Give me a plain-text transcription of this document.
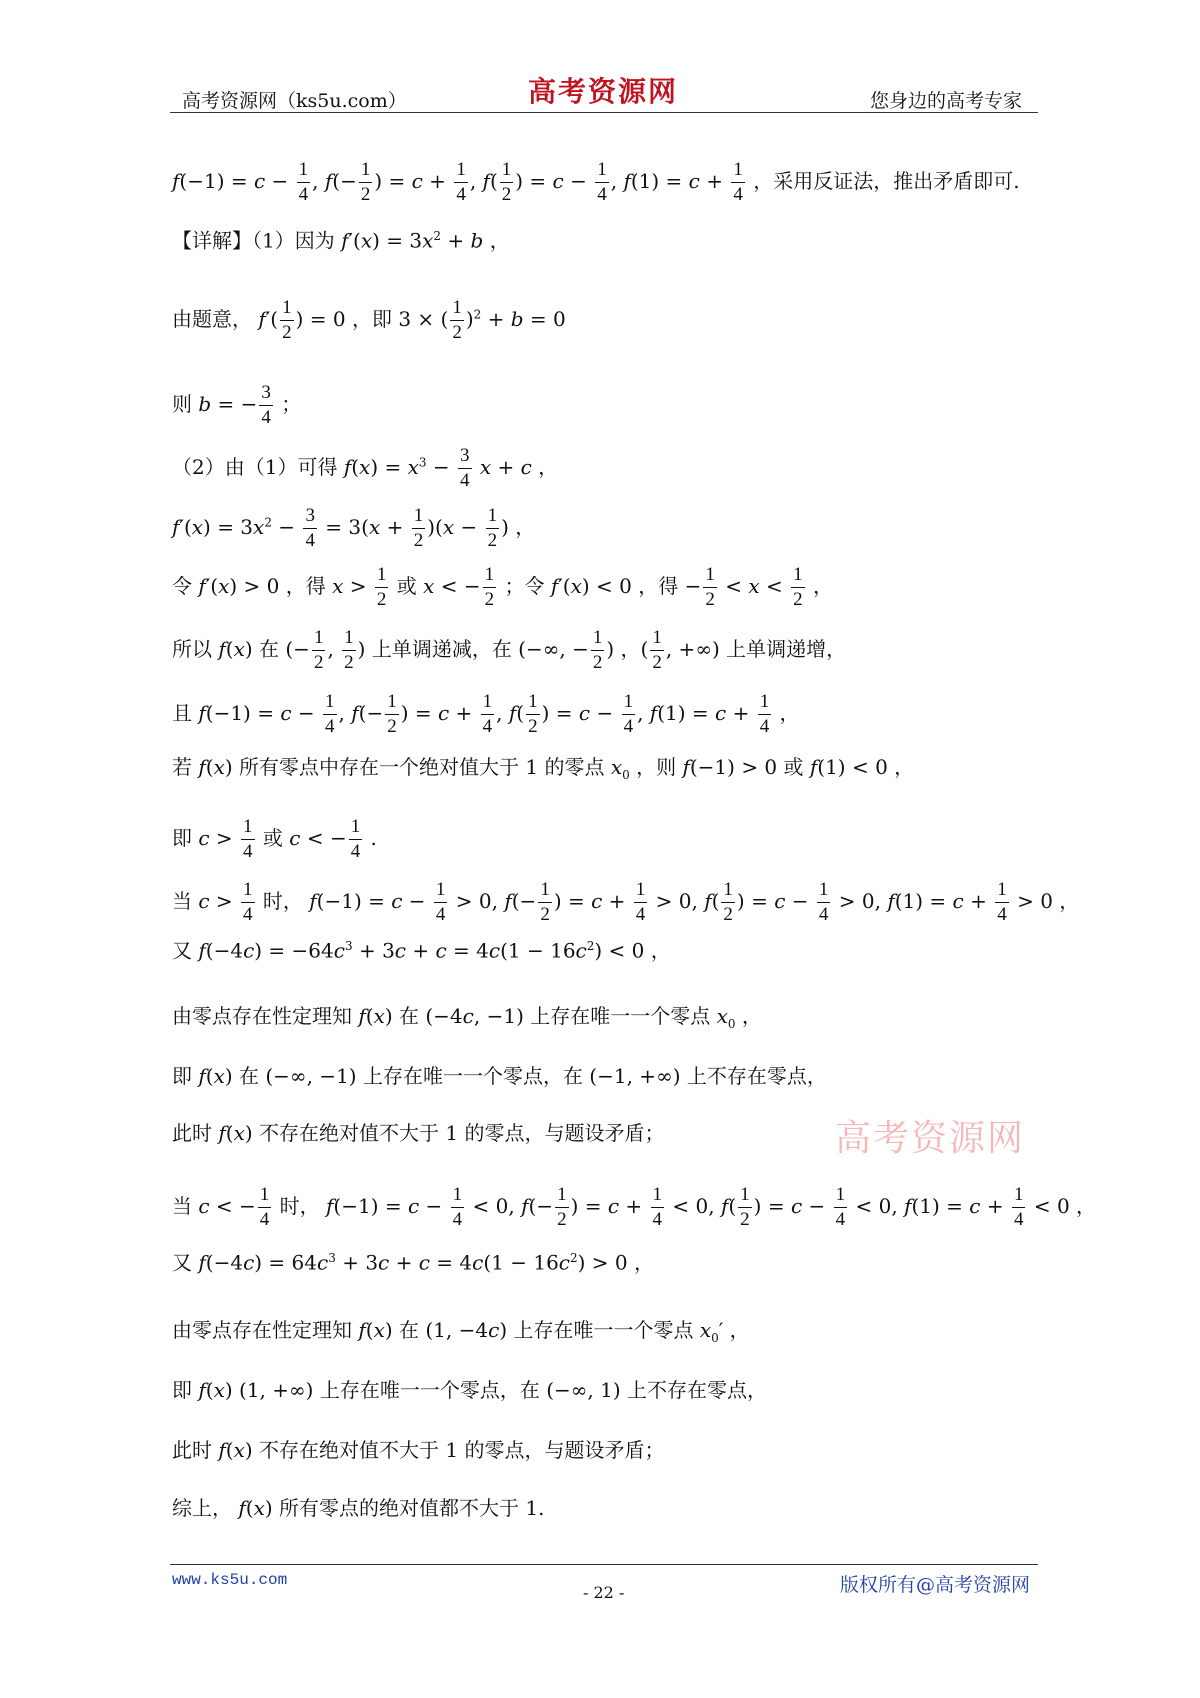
高考资源网（ks5u.com）	高考资源网	您身边的高考专家
$f(-1) = c - \frac{1}{4}$ , $f(- \frac{1}{2}$ ) = $c + \frac{1}{4}$ , $f( \frac{1}{2}$ ) = $c - \frac{1}{4}$ , $f(1) = c + \frac{1}{4}$ ，采用反证法，推出矛盾即可.
【详解】（1）因为 $f'(x) = 3x^2 + b$ ，
由题意， $f'( \frac{1}{2}$ ) = 0 ，即 3 × ( $\frac{1}{2} )^2 + b = 0$
则 b = − $\frac{3}{4}$ ；
（2）由（1）可得 $f(x) = x^3 - \frac{3}{4}$ x + c ，
$f'(x) = 3x^2 - \frac{3}{4} = 3(x + \frac{1}{2} )(x - \frac{1}{2}$ ) ，
令 f′(x) > 0 ，得 $x > \frac{1}{2}$ 或 x < − $\frac{1}{2}$ ；令 f′(x) < 0 ，得 − $\frac{1}{2} < x < \frac{1}{2}$ ，
所以 f(x) 在 (− $\frac{1}{2}$ , $\frac{1}{2}$ ) 上单调递减，在 (−∞, − $\frac{1}{2}$ ) ，( $\frac{1}{2}$ , +∞) 上单调递增，
且 $f(-1) = c - \frac{1}{4}$ , $f(- \frac{1}{2}$ ) = $c + \frac{1}{4}$ , $f( \frac{1}{2}$ ) = $c - \frac{1}{4}$ , $f(1) = c + \frac{1}{4}$ ，
若 f(x) 所有零点中存在一个绝对值大于 1 的零点 $x_0$ ，则 f(−1) > 0 或 f(1) < 0 ，
即 $c > \frac{1}{4}$ 或 c < − $\frac{1}{4}$ .
当 $c > \frac{1}{4}$ 时， $f(-1) = c - \frac{1}{4} > 0$, $f(- \frac{1}{2}$ ) = $c + \frac{1}{4} > 0$, $f( \frac{1}{2}$ ) = $c - \frac{1}{4} > 0$, $f(1) = c + \frac{1}{4} > 0$ ，
又 $f(-4c) = -64c^3 + 3c + c = 4c(1 - 16c^2) < 0$ ，
由零点存在性定理知 f(x) 在 (−4c, −1) 上存在唯一一个零点 $x_0$ ，
即 f(x) 在 (−∞, −1) 上存在唯一一个零点，在 (−1, +∞) 上不存在零点，
此时 f(x) 不存在绝对值不大于 1 的零点，与题设矛盾；
当 c < − $\frac{1}{4}$ 时， $f(-1) = c - \frac{1}{4} < 0$, $f(- \frac{1}{2}$ ) = $c + \frac{1}{4} < 0$, $f( \frac{1}{2}$ ) = $c - \frac{1}{4} < 0$, $f(1) = c + \frac{1}{4} < 0$ ，
又 $f(-4c) = 64c^3 + 3c + c = 4c(1 - 16c^2) > 0$ ，
由零点存在性定理知 f(x) 在 (1, −4c) 上存在唯一一个零点 $x_0'$ ，
即 f(x) (1, +∞) 上存在唯一一个零点，在 (−∞, 1) 上不存在零点，
此时 f(x) 不存在绝对值不大于 1 的零点，与题设矛盾；
综上， f(x) 所有零点的绝对值都不大于 1.
高考资源网
www.ks5u.com
- 22 -	版权所有@高考资源网
